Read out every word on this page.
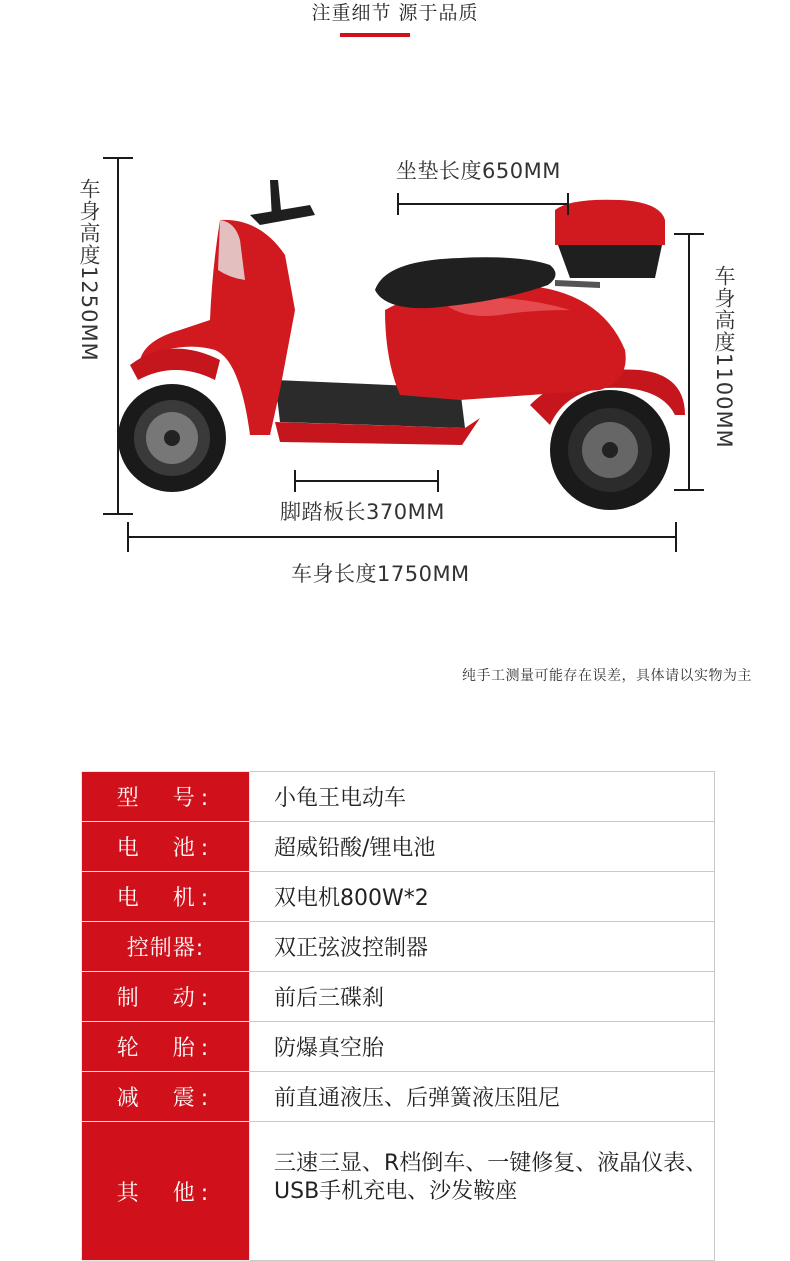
注重细节 源于品质
坐垫长度650MM
车身高度1250MM	车身高度1100MM
脚踏板长370MM
车身长度1750MM
纯手工测量可能存在误差，具体请以实物为主
型　号:	小龟王电动车
电　池:	超威铅酸/锂电池
电　机:	双电机800W*2
控制器:	双正弦波控制器
制　动:	前后三碟刹
轮　胎:	防爆真空胎
减　震:	前直通液压、后弹簧液压阻尼
其　他:	三速三显、R档倒车、一键修复、液晶仪表、USB手机充电、沙发鞍座
